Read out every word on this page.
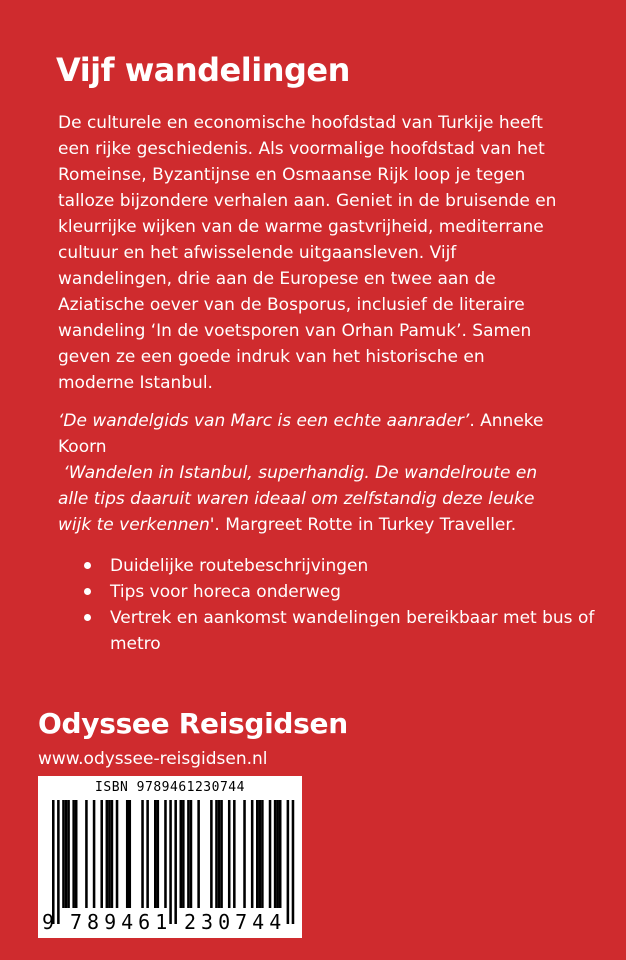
Vijf wandelingen

De culturele en economische hoofdstad van Turkije heeft een rijke geschiedenis. Als voormalige hoofdstad van het Romeinse, Byzantijnse en Osmaanse Rijk loop je tegen talloze bijzondere verhalen aan. Geniet in de bruisende en kleurrijke wijken van de warme gastvrijheid, mediterrane cultuur en het afwisselende uitgaansleven. Vijf wandelingen, drie aan de Europese en twee aan de Aziatische oever van de Bosporus, inclusief de literaire wandeling ‘In de voetsporen van Orhan Pamuk’. Samen geven ze een goede indruk van het historische en moderne Istanbul.

‘De wandelgids van Marc is een echte aanrader’. Anneke Koorn
‘Wandelen in Istanbul, superhandig. De wandelroute en alle tips daaruit waren ideaal om zelfstandig deze leuke wijk te verkennen'. Margreet Rotte in Turkey Traveller.

Duidelijke routebeschrijvingen
Tips voor horeca onderweg
Vertrek en aankomst wandelingen bereikbaar met bus of metro
Odyssee Reisgidsen
www.odyssee-reisgidsen.nl
ISBN 9789461230744
9 789461 230744
